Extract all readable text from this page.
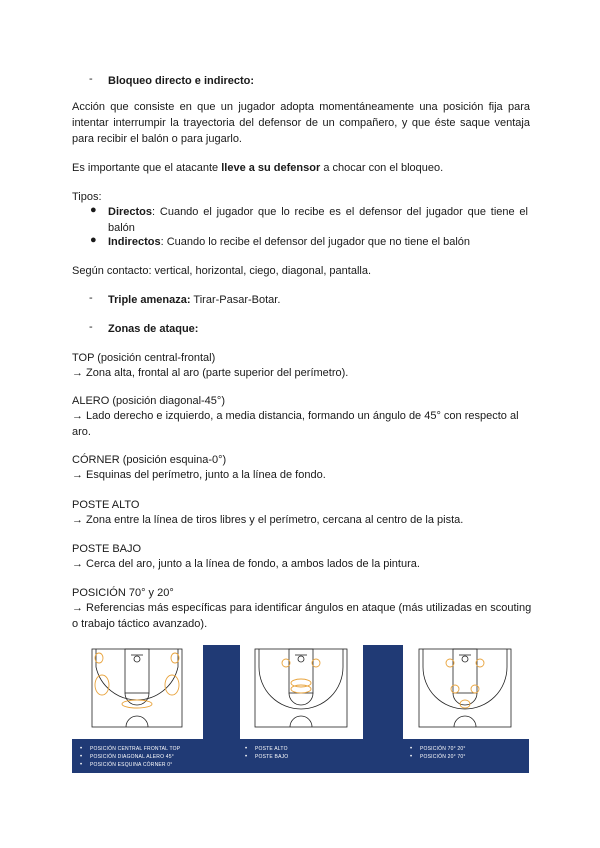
- Bloqueo directo e indirecto:
Acción que consiste en que un jugador adopta momentáneamente una posición fija para intentar interrumpir la trayectoria del defensor de un compañero, y que éste saque ventaja para recibir el balón o para jugarlo.
Es importante que el atacante lleve a su defensor a chocar con el bloqueo.
Tipos:
● Directos: Cuando el jugador que lo recibe es el defensor del jugador que tiene el balón
● Indirectos: Cuando lo recibe el defensor del jugador que no tiene el balón
Según contacto: vertical, horizontal, ciego, diagonal, pantalla.
- Triple amenaza: Tirar-Pasar-Botar.
- Zonas de ataque:
TOP (posición central-frontal)
→ Zona alta, frontal al aro (parte superior del perímetro).
ALERO (posición diagonal-45°)
→ Lado derecho e izquierdo, a media distancia, formando un ángulo de 45° con respecto al aro.
CÓRNER (posición esquina-0°)
→ Esquinas del perímetro, junto a la línea de fondo.
POSTE ALTO
→ Zona entre la línea de tiros libres y el perímetro, cercana al centro de la pista.
POSTE BAJO
→ Cerca del aro, junto a la línea de fondo, a ambos lados de la pintura.
POSICIÓN 70° y 20°
→ Referencias más específicas para identificar ángulos en ataque (más utilizadas en scouting o trabajo táctico avanzado).
• POSICIÓN CENTRAL FRONTAL TOP
• POSICIÓN DIAGONAL ALERO 45°
• POSICIÓN ESQUINA CÓRNER 0°
• POSTE ALTO
• POSTE BAJO
• POSICIÓN 70° 20°
• POSICIÓN 20° 70°
